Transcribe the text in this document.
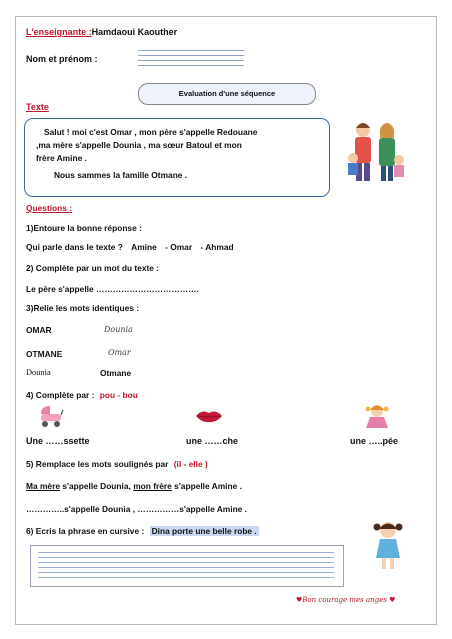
L'enseignante :Hamdaoui Kaouther
Nom et prénom :
Evaluation d'une séquence
Texte

Salut ! moi c'est Omar , mon père s'appelle Redouane

,ma mère s'appelle Dounia , ma sœur Batoul et mon

frère Amine .

Nous sammes la famille Otmane .

Questions :
1)Entoure la bonne réponse :
Qui parle dans le texte ? Amine - Omar - Ahmad
2) Complète par un mot du texte :
Le père s'appelle ……………………………….
3)Relie les mots identiques :
OMAR	Dounia
OTMANE	Omar
Dounia	Otmane
4) Complète par : pou - bou
Une ……ssette	une ……che	une …..pée
5) Remplace les mots soulignés par (il - elle )
Ma mère s'appelle Dounia, mon frère s'appelle Amine .
…………..s'appelle Dounia , ……………s'appelle Amine .
6) Ecris la phrase en cursive : Dina porte une belle robe .
♥Bon courage mes anges ♥
